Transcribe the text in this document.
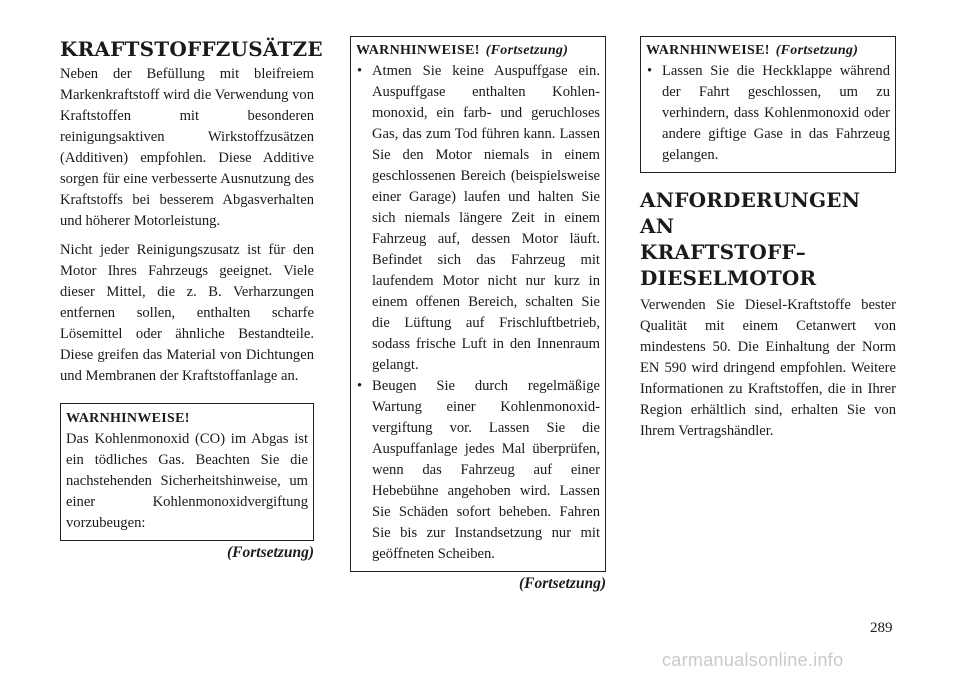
KRAFTSTOFFZUSÄTZE

Neben der Befüllung mit bleifreiem Markenkraftstoff wird die Verwendung von Kraftstoffen mit besonderen reinigungsaktiven Wirkstoffzusätzen (Additiven) empfohlen. Diese Additive sorgen für eine verbesserte Ausnutzung des Kraftstoffs bei besserem Abgasverhalten und höherer Motorleistung.

Nicht jeder Reinigungszusatz ist für den Motor Ihres Fahrzeugs geeignet. Viele dieser Mittel, die z. B. Verharzungen entfernen sollen, enthalten scharfe Lösemittel oder ähnliche Bestandteile. Diese greifen das Material von Dichtungen und Membranen der Kraftstoffanlage an.

WARNHINWEISE!

Das Kohlenmonoxid (CO) im Abgas ist ein tödliches Gas. Beachten Sie die nachstehenden Sicherheitshinweise, um einer Kohlenmonoxidvergiftung vorzubeugen:

(Fortsetzung)
WARNHINWEISE! (Fortsetzung)
• Atmen Sie keine Auspuffgase ein. Auspuffgase enthalten Kohlenmonoxid, ein farb- und geruchloses Gas, das zum Tod führen kann. Lassen Sie den Motor niemals in einem geschlossenen Bereich (beispielsweise einer Garage) laufen und halten Sie sich niemals längere Zeit in einem Fahrzeug auf, dessen Motor läuft. Befindet sich das Fahrzeug mit laufendem Motor nicht nur kurz in einem offenen Bereich, schalten Sie die Lüftung auf Frischluftbetrieb, sodass frische Luft in den Innenraum gelangt.
• Beugen Sie durch regelmäßige Wartung einer Kohlenmonoxidvergiftung vor. Lassen Sie die Auspuffanlage jedes Mal überprüfen, wenn das Fahrzeug auf einer Hebebühne angehoben wird. Lassen Sie Schäden sofort beheben. Fahren Sie bis zur Instandsetzung nur mit geöffneten Scheiben.
(Fortsetzung)
WARNHINWEISE! (Fortsetzung)
• Lassen Sie die Heckklappe während der Fahrt geschlossen, um zu verhindern, dass Kohlenmonoxid oder andere giftige Gase in das Fahrzeug gelangen.
ANFORDERUNGEN AN KRAFTSTOFF– DIESELMOTOR

Verwenden Sie Diesel-Kraftstoffe bester Qualität mit einem Cetanwert von mindestens 50. Die Einhaltung der Norm EN 590 wird dringend empfohlen. Weitere Informationen zu Kraftstoffen, die in Ihrer Region erhältlich sind, erhalten Sie von Ihrem Vertragshändler.

289
carmanualsonline.info
